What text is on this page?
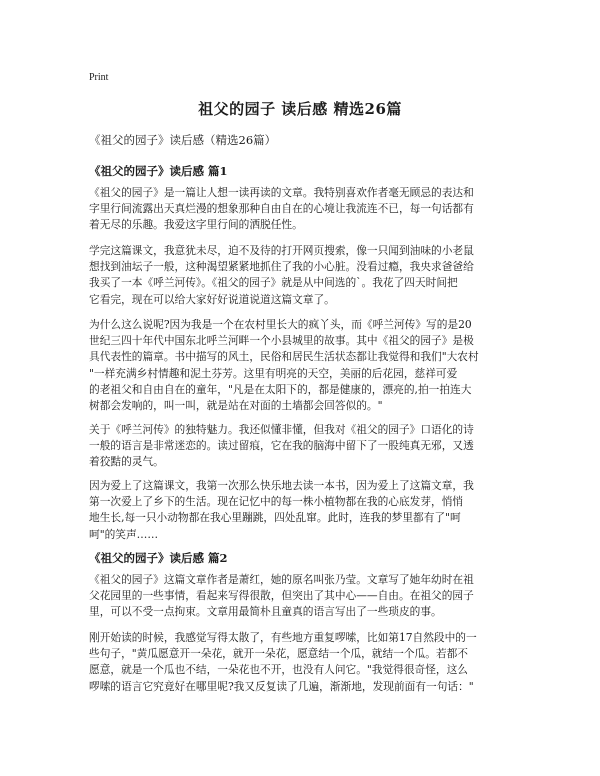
Print
祖父的园子 读后感 精选26篇
《祖父的园子》读后感（精选26篇）
《祖父的园子》读后感 篇1
《祖父的园子》是一篇让人想一读再读的文章。我特别喜欢作者毫无顾忌的表达和
字里行间流露出天真烂漫的想象那种自由自在的心境让我流连不已，每一句话都有
着无尽的乐趣。我爱这字里行间的洒脱任性。
学完这篇课文，我意犹未尽，迫不及待的打开网页搜索，像一只闻到油味的小老鼠
想找到油坛子一般，这种渴望紧紧地抓住了我的小心脏。没看过瘾，我央求爸爸给
我买了一本《呼兰河传》。《祖父的园子》就是从中间选的`。我花了四天时间把
它看完，现在可以给大家好好说道说道这篇文章了。
为什么这么说呢?因为我是一个在农村里长大的疯丫头，而《呼兰河传》写的是20
世纪三四十年代中国东北呼兰河畔一个小县城里的故事。其中《祖父的园子》是极
具代表性的篇章。书中描写的风土，民俗和居民生活状态都让我觉得和我们"大农村
"一样充满乡村情趣和泥土芬芳。这里有明亮的天空，美丽的后花园，慈祥可爱
的老祖父和自由自在的童年，"凡是在太阳下的，都是健康的，漂亮的,拍一拍连大
树都会发响的，叫一叫，就是站在对面的土墙都会回答似的。"
关于《呼兰河传》的独特魅力。我还似懂非懂，但我对《祖父的园子》口语化的诗
一般的语言是非常迷恋的。读过留痕，它在我的脑海中留下了一股纯真无邪，又透
着狡黠的灵气。
因为爱上了这篇课文，我第一次那么快乐地去读一本书，因为爱上了这篇文章，我
第一次爱上了乡下的生活。现在记忆中的每一株小植物都在我的心底发芽，悄悄
地生长,每一只小动物都在我心里蹦跳，四处乱窜。此时，连我的梦里都有了"呵
呵"的笑声……
《祖父的园子》读后感 篇2
《祖父的园子》这篇文章作者是萧红，她的原名叫张乃莹。文章写了她年幼时在祖
父花园里的一些事情，看起来写得很散，但突出了其中心——自由。在祖父的园子
里，可以不受一点拘束。文章用最简朴且童真的语言写出了一些琐皮的事。
刚开始读的时候，我感觉写得太散了，有些地方重复啰嗦，比如第17自然段中的一
些句子，"黄瓜愿意开一朵花，就开一朵花，愿意结一个瓜，就结一个瓜。若都不
愿意，就是一个瓜也不结，一朵花也不开，也没有人问它。"我觉得很奇怪，这么
啰嗦的语言它究竟好在哪里呢?我又反复读了几遍，渐渐地，发现前面有一句话："
